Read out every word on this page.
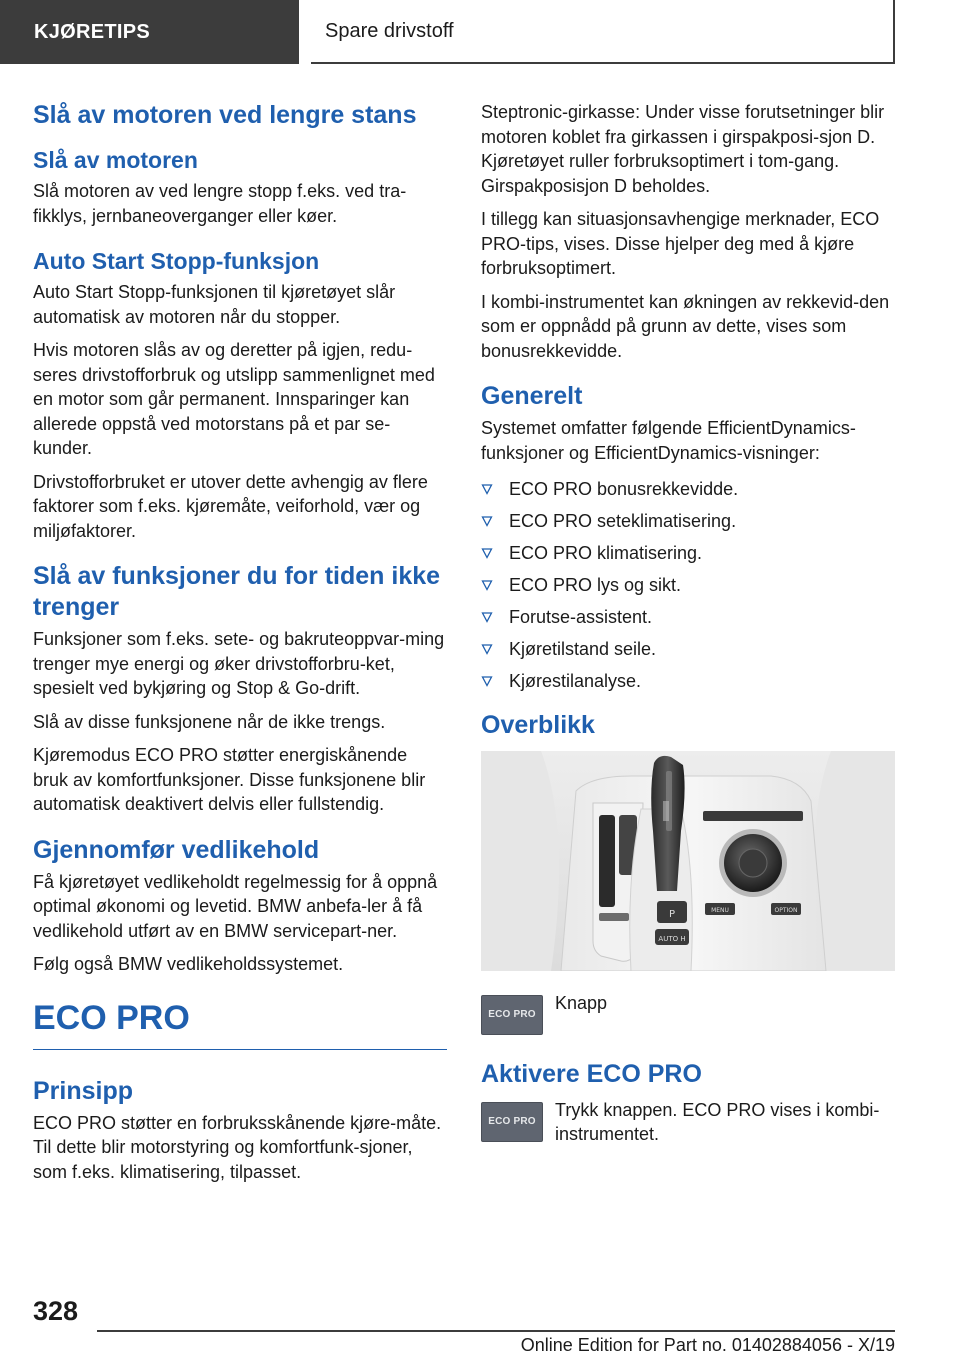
KJØRETIPS	Spare drivstoff
Slå av motoren ved lengre stans
Slå av motoren

Slå motoren av ved lengre stopp f.eks. ved tra-fikklys, jernbaneoverganger eller køer.

Auto Start Stopp-funksjon

Auto Start Stopp-funksjonen til kjøretøyet slår automatisk av motoren når du stopper.

Hvis motoren slås av og deretter på igjen, redu-seres drivstofforbruk og utslipp sammenlignet med en motor som går permanent. Innsparinger kan allerede oppstå ved motorstans på et par se-kunder.

Drivstofforbruket er utover dette avhengig av flere faktorer som f.eks. kjøremåte, veiforhold, vær og miljøfaktorer.

Slå av funksjoner du for tiden ikke trenger

Funksjoner som f.eks. sete- og bakruteoppvar-ming trenger mye energi og øker drivstofforbru-ket, spesielt ved bykjøring og Stop & Go-drift.

Slå av disse funksjonene når de ikke trengs.

Kjøremodus ECO PRO støtter energiskånende bruk av komfortfunksjoner. Disse funksjonene blir automatisk deaktivert delvis eller fullstendig.

Gjennomfør vedlikehold

Få kjøretøyet vedlikeholdt regelmessig for å oppnå optimal økonomi og levetid. BMW anbefa-ler å få vedlikehold utført av en BMW servicepart-ner.

Følg også BMW vedlikeholdssystemet.

ECO PRO
Prinsipp

ECO PRO støtter en forbruksskånende kjøre-måte. Til dette blir motorstyring og komfortfunk-sjoner, som f.eks. klimatisering, tilpasset.

Steptronic-girkasse: Under visse forutsetninger blir motoren koblet fra girkassen i girspakposi-sjon D. Kjøretøyet ruller forbruksoptimert i tom-gang. Girspakposisjon D beholdes.

I tillegg kan situasjonsavhengige merknader, ECO PRO-tips, vises. Disse hjelper deg med å kjøre forbruksoptimert.

I kombi-instrumentet kan økningen av rekkevid-den som er oppnådd på grunn av dette, vises som bonusrekkevidde.

Generelt

Systemet omfatter følgende EfficientDynamics-funksjoner og EfficientDynamics-visninger:

ECO PRO bonusrekkevidde.
ECO PRO seteklimatisering.
ECO PRO klimatisering.
ECO PRO lys og sikt.
Forutse-assistent.
Kjøretilstand seile.
Kjørestilanalyse.
Overblikk
P
AUTO H
MENU	OPTION
ECO PRO

Knapp

Aktivere ECO PRO
ECO PRO

Trykk knappen. ECO PRO vises i kombi-instrumentet.

328
Online Edition for Part no. 01402884056 - X/19
